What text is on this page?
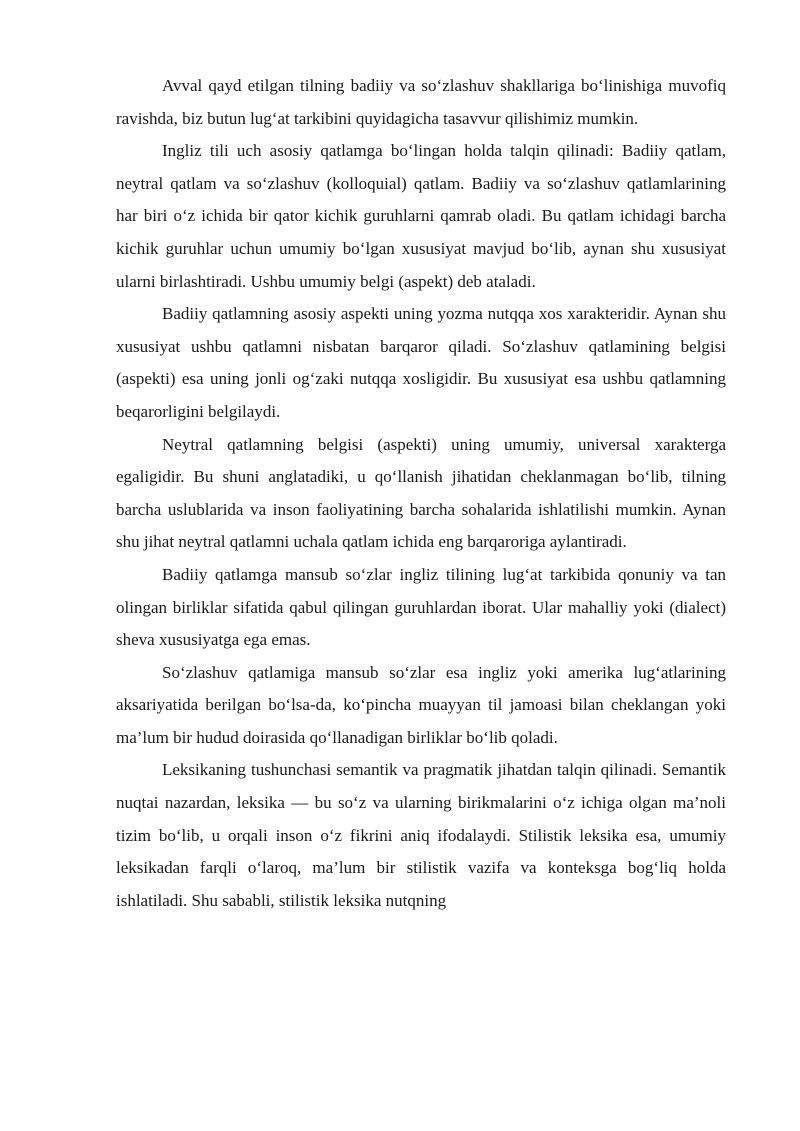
Avval qayd etilgan tilning badiiy va so‘zlashuv shakllariga bo‘linishiga muvofiq ravishda, biz butun lug‘at tarkibini quyidagicha tasavvur qilishimiz mumkin.

Ingliz tili uch asosiy qatlamga bo‘lingan holda talqin qilinadi: Badiiy qatlam, neytral qatlam va so‘zlashuv (kolloquial) qatlam. Badiiy va so‘zlashuv qatlamlarining har biri o‘z ichida bir qator kichik guruhlarni qamrab oladi. Bu qatlam ichidagi barcha kichik guruhlar uchun umumiy bo‘lgan xususiyat mavjud bo‘lib, aynan shu xususiyat ularni birlashtiradi. Ushbu umumiy belgi (aspekt) deb ataladi.

Badiiy qatlamning asosiy aspekti uning yozma nutqqa xos xarakteridir. Aynan shu xususiyat ushbu qatlamni nisbatan barqaror qiladi. So‘zlashuv qatlamining belgisi (aspekti) esa uning jonli og‘zaki nutqqa xosligidir. Bu xususiyat esa ushbu qatlamning beqarorligini belgilaydi.

Neytral qatlamning belgisi (aspekti) uning umumiy, universal xarakterga egaligidir. Bu shuni anglatadiki, u qo‘llanish jihatidan cheklanmagan bo‘lib, tilning barcha uslublarida va inson faoliyatining barcha sohalarida ishlatilishi mumkin. Aynan shu jihat neytral qatlamni uchala qatlam ichida eng barqaroriga aylantiradi.

Badiiy qatlamga mansub so‘zlar ingliz tilining lug‘at tarkibida qonuniy va tan olingan birliklar sifatida qabul qilingan guruhlardan iborat. Ular mahalliy yoki (dialect) sheva xususiyatga ega emas.

So‘zlashuv qatlamiga mansub so‘zlar esa ingliz yoki amerika lug‘atlarining aksariyatida berilgan bo‘lsa-da, ko‘pincha muayyan til jamoasi bilan cheklangan yoki ma’lum bir hudud doirasida qo‘llanadigan birliklar bo‘lib qoladi.

Leksikaning tushunchasi semantik va pragmatik jihatdan talqin qilinadi. Semantik nuqtai nazardan, leksika — bu so‘z va ularning birikmalarini o‘z ichiga olgan ma’noli tizim bo‘lib, u orqali inson o‘z fikrini aniq ifodalaydi. Stilistik leksika esa, umumiy leksikadan farqli o‘laroq, ma’lum bir stilistik vazifa va konteksga bog‘liq holda ishlatiladi. Shu sababli, stilistik leksika nutqning
